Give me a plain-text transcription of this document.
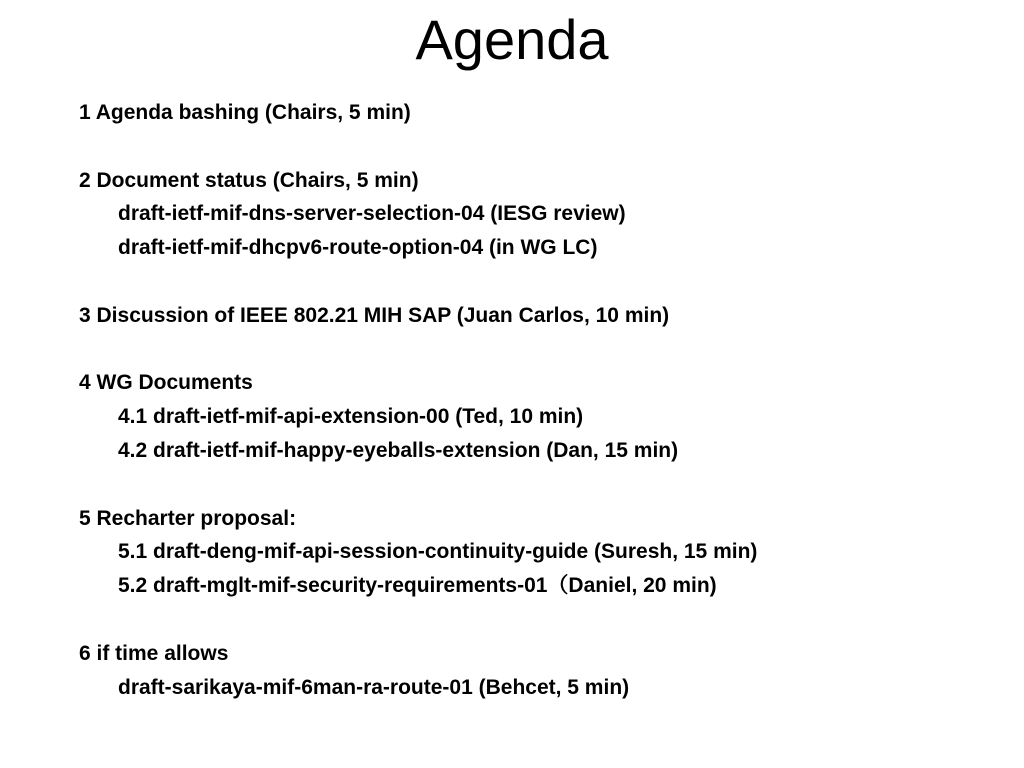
Agenda
1 Agenda bashing (Chairs, 5 min)
2 Document status (Chairs, 5 min)
draft-ietf-mif-dns-server-selection-04 (IESG review)
draft-ietf-mif-dhcpv6-route-option-04 (in WG LC)
3 Discussion of IEEE 802.21 MIH SAP (Juan Carlos, 10 min)
4 WG Documents
4.1 draft-ietf-mif-api-extension-00 (Ted, 10 min)
4.2 draft-ietf-mif-happy-eyeballs-extension (Dan, 15 min)
5 Recharter proposal:
5.1 draft-deng-mif-api-session-continuity-guide (Suresh, 15 min)
5.2 draft-mglt-mif-security-requirements-01（Daniel, 20 min)
6 if time allows
draft-sarikaya-mif-6man-ra-route-01 (Behcet, 5 min)
